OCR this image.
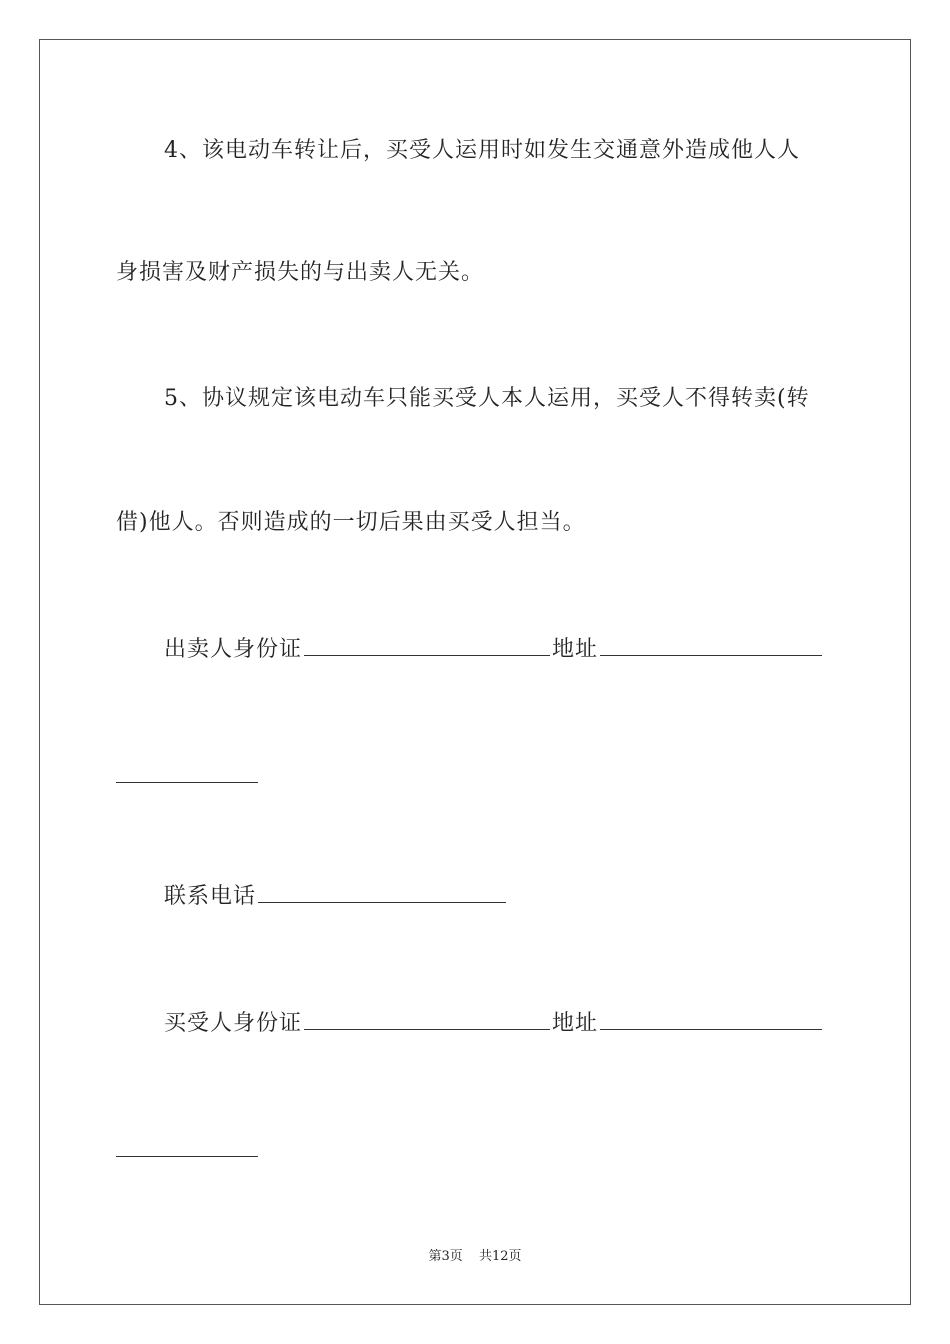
4、该电动车转让后，买受人运用时如发生交通意外造成他人人
身损害及财产损失的与出卖人无关。
5、协议规定该电动车只能买受人本人运用，买受人不得转卖(转
借)他人。否则造成的一切后果由买受人担当。
出卖人身份证	地址
联系电话
买受人身份证	地址
第3页 共12页
